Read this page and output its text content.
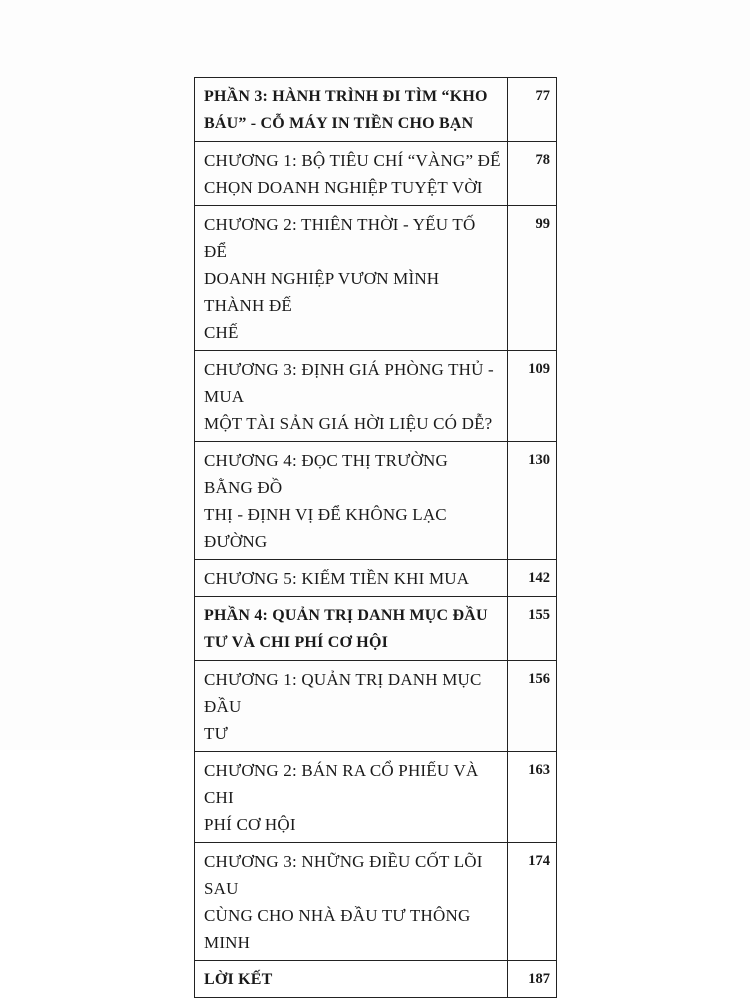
PHẦN 3: HÀNH TRÌNH ĐI TÌM “KHO
BÁU” - CỖ MÁY IN TIỀN CHO BẠN
77
CHƯƠNG 1: BỘ TIÊU CHÍ “VÀNG” ĐỂ
CHỌN DOANH NGHIỆP TUYỆT VỜI
78
CHƯƠNG 2: THIÊN THỜI - YẾU TỐ ĐỂ
DOANH NGHIỆP VƯƠN MÌNH THÀNH ĐẾ
CHẾ
99
CHƯƠNG 3: ĐỊNH GIÁ PHÒNG THỦ - MUA
MỘT TÀI SẢN GIÁ HỜI LIỆU CÓ DỄ?
109
CHƯƠNG 4: ĐỌC THỊ TRƯỜNG BẰNG ĐỒ
THỊ - ĐỊNH VỊ ĐỂ KHÔNG LẠC ĐƯỜNG
130
CHƯƠNG 5: KIẾM TIỀN KHI MUA	142
PHẦN 4: QUẢN TRỊ DANH MỤC ĐẦU
TƯ VÀ CHI PHÍ CƠ HỘI
155
CHƯƠNG 1: QUẢN TRỊ DANH MỤC ĐẦU
TƯ
156
CHƯƠNG 2: BÁN RA CỔ PHIẾU VÀ CHI
PHÍ CƠ HỘI
163
CHƯƠNG 3: NHỮNG ĐIỀU CỐT LÕI SAU
CÙNG CHO NHÀ ĐẦU TƯ THÔNG MINH
174
LỜI KẾT	187
